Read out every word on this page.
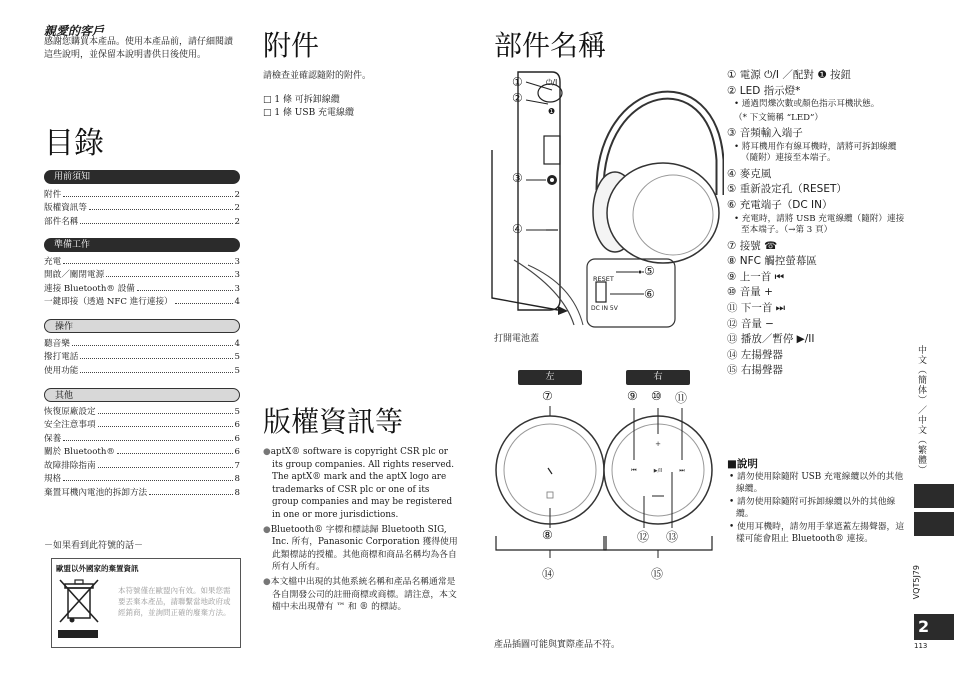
親愛的客戶
感謝您購買本產品。使用本產品前，請仔細閱讀這些說明，並保留本說明書供日後使用。
目錄
用前須知
附件	2
版權資訊等	2
部件名稱	2
準備工作
充電	3
開啟／關閉電源	3
連接 Bluetooth® 設備	3
一鍵即接（透過 NFC 進行連接）	4
操作
聽音樂	4
撥打電話	5
使用功能	5
其他
恢復原廠設定	5
安全注意事項	6
保養	6
關於 Bluetooth®	6
故障排除指南	7
規格	8
棄置耳機內電池的拆卸方法	8
－如果看到此符號的話－
歐盟以外國家的棄置資訊
本符號僅在歐盟內有效。如果您需要丟棄本產品，請聯繫當地政府或經銷商，並詢問正確的廢棄方法。
附件
請檢查並確認隨附的附件。
□ 1 條 可拆卸線纜
□ 1 條 USB 充電線纜
版權資訊等
●aptX® software is copyright CSR plc or its group companies. All rights reserved. The aptX® mark and the aptX logo are trademarks of CSR plc or one of its group companies and may be registered in one or more jurisdictions.
●Bluetooth® 字標和標誌歸 Bluetooth SIG, Inc. 所有，Panasonic Corporation 獲得使用此類標誌的授權。其他商標和商品名稱均為各自所有人所有。
●本文檔中出現的其他系統名稱和產品名稱通常是各自開發公司的註冊商標或商標。請注意，本文檔中未出現帶有 ™ 和 ® 的標誌。
部件名稱
①
②
③
④
⏻/I
❶
RESET
DC IN 5V
⑤
⑥
打開電池蓋
左	右
⏮
+
▶/II	⏭
⑦
⑧
⑨ ⑩ ⑪
⑫ ⑬
⑭	⑮
產品插圖可能與實際產品不符。
① 電源 ⏻/I ／配對 ❶ 按鈕
② LED 指示燈*
• 通過閃爍次數或顏色指示耳機狀態。
（* 下文簡稱 “LED”）
③ 音頻輸入端子
• 將耳機用作有線耳機時，請將可拆卸線纜（隨附）連接至本端子。
④ 麥克風
⑤ 重新設定孔（RESET）
⑥ 充電端子（DC IN）
• 充電時，請將 USB 充電線纜（隨附）連接至本端子。（→第 3 頁）
⑦ 接號 ☎
⑧ NFC 觸控螢幕區
⑨ 上一首 ⏮
⑩ 音量 +
⑪ 下一首 ⏭
⑫ 音量 −
⑬ 播放／暫停 ▶/II
⑭ 左揚聲器
⑮ 右揚聲器
■說明
• 請勿使用除隨附 USB 充電線纜以外的其他線纜。
• 請勿使用除隨附可拆卸線纜以外的其他線纜。
• 使用耳機時，請勿用手掌遮蓋左揚聲器，這樣可能會阻止 Bluetooth® 連接。
中文（簡体）／中文（繁體）
VQT5J79
2
113
